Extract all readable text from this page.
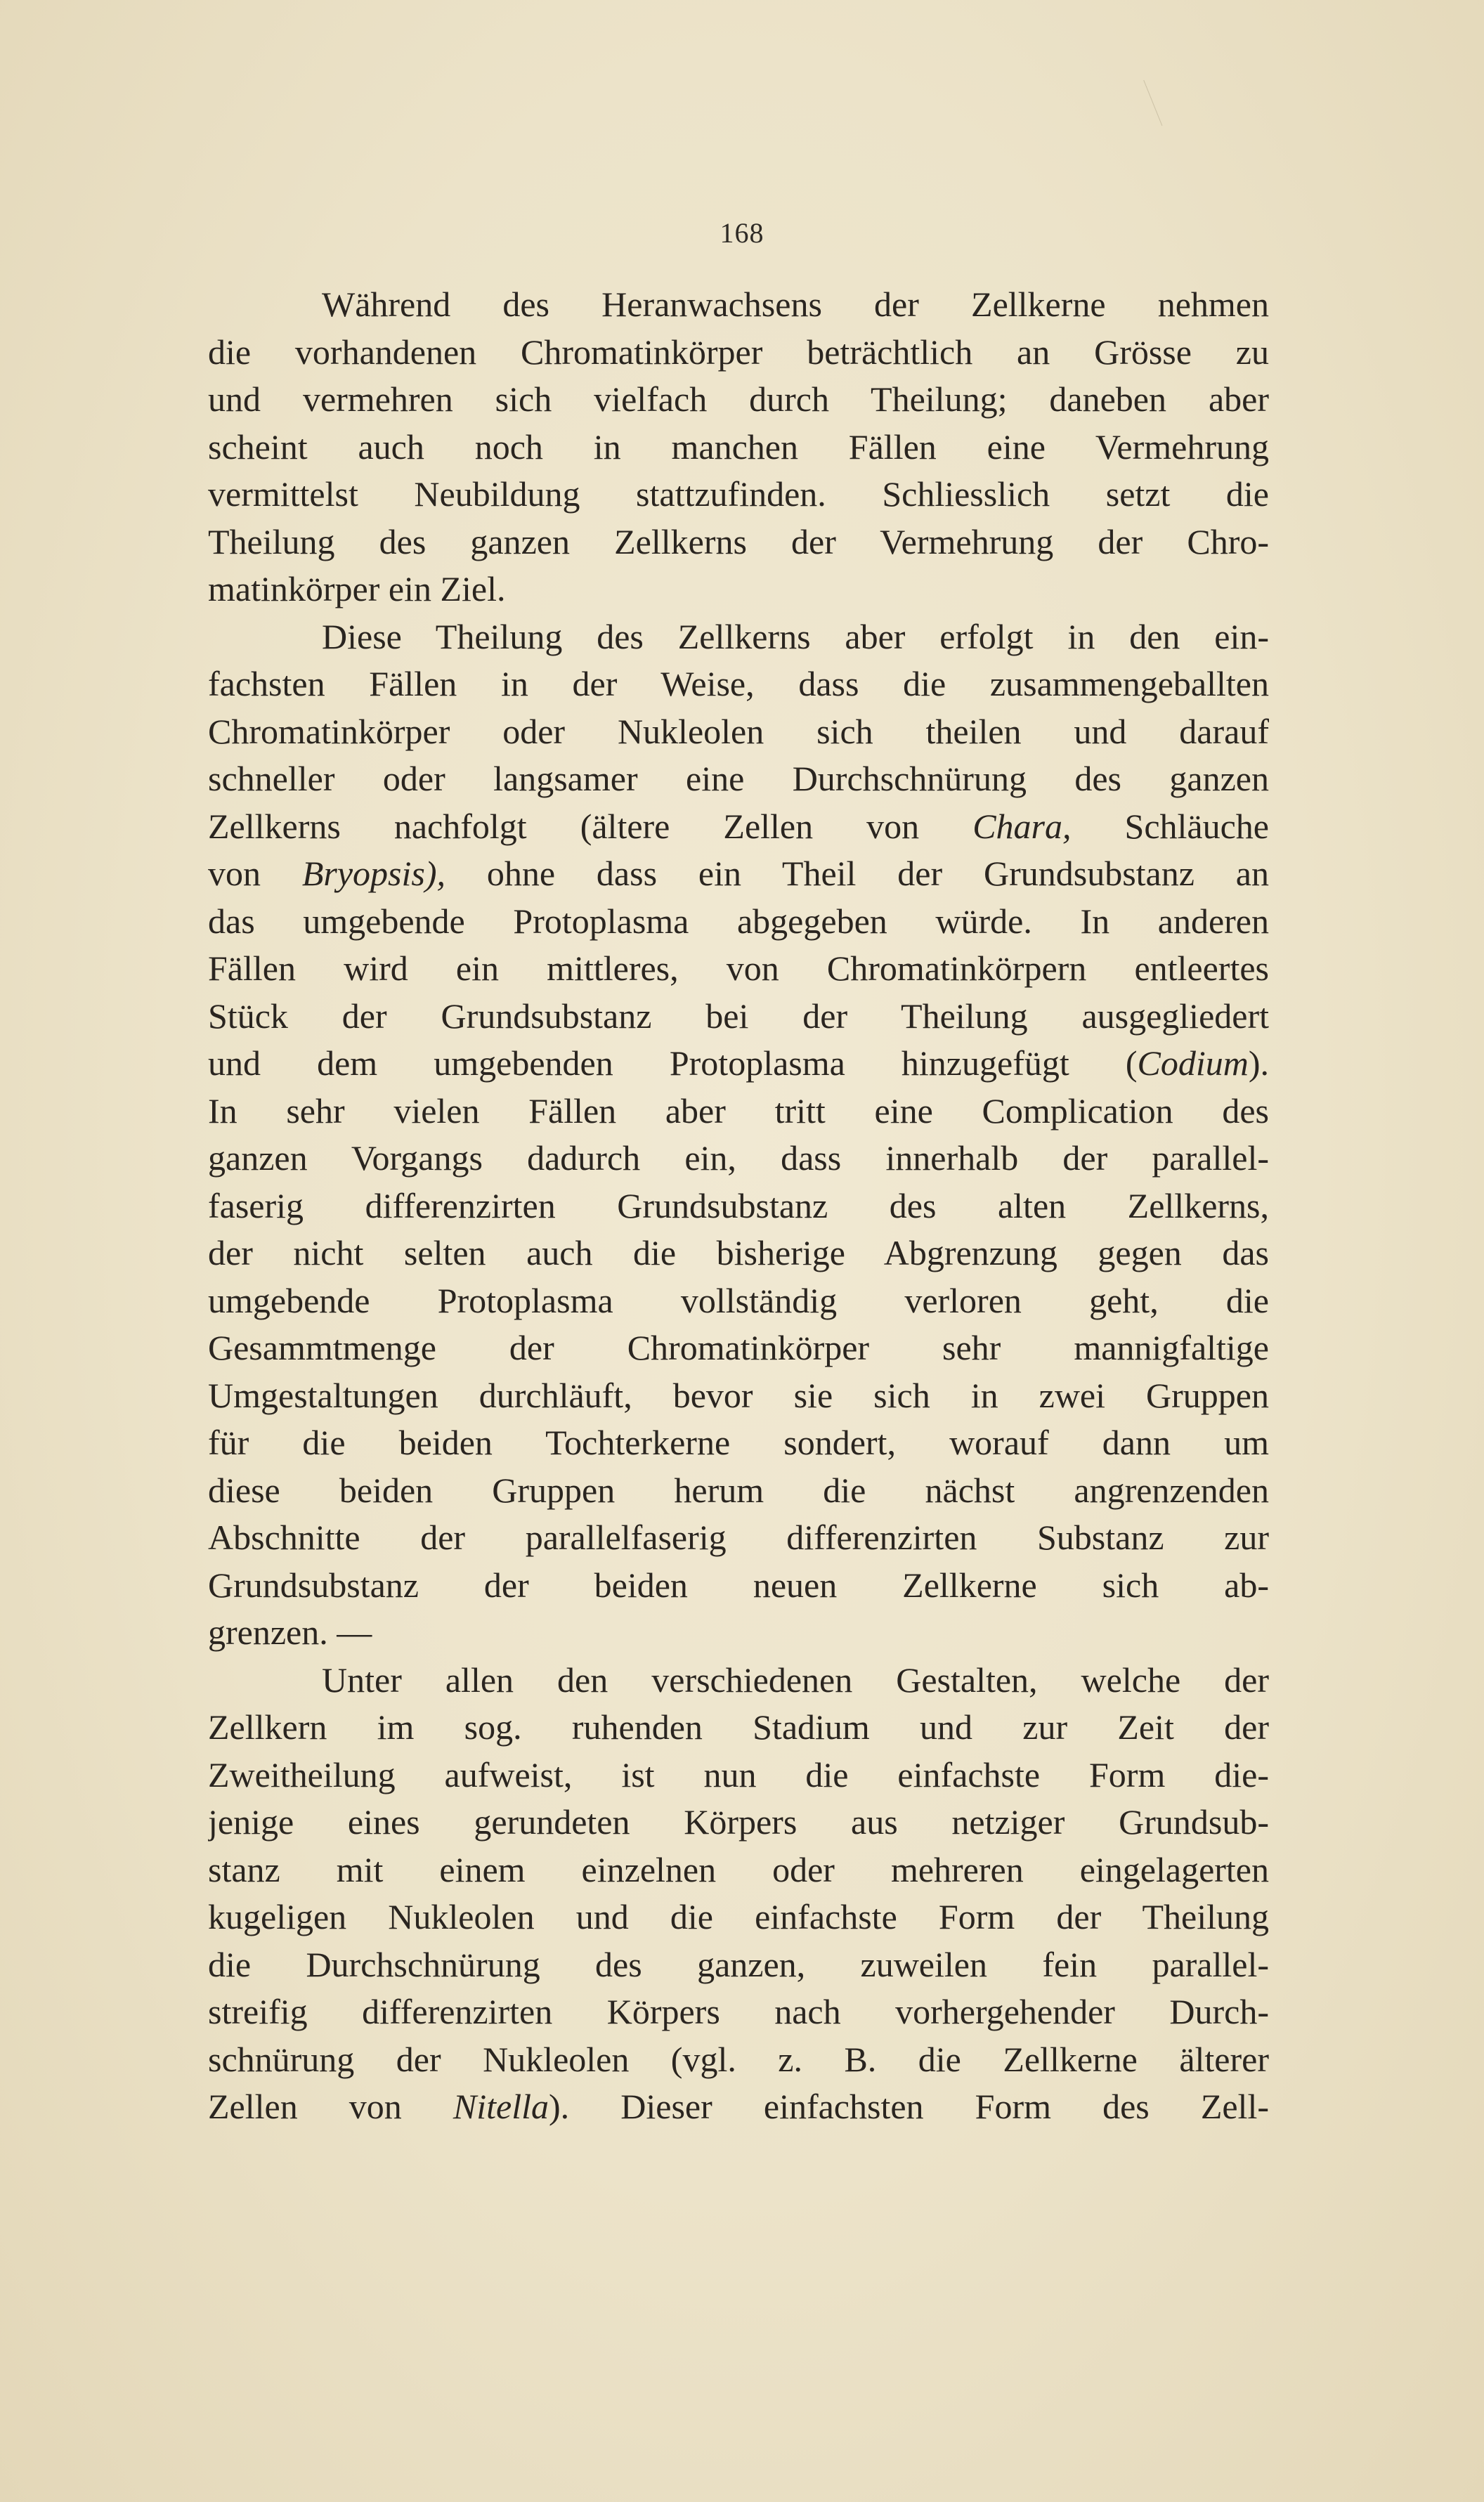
168
Während des Heranwachsens der Zellkerne nehmen
die vorhandenen Chromatinkörper beträchtlich an Grösse zu
und vermehren sich vielfach durch Theilung; daneben aber
scheint auch noch in manchen Fällen eine Vermehrung
vermittelst Neubildung stattzufinden. Schliesslich setzt die
Theilung des ganzen Zellkerns der Vermehrung der Chro-
matinkörper ein Ziel.
Diese Theilung des Zellkerns aber erfolgt in den ein-
fachsten Fällen in der Weise, dass die zusammengeballten
Chromatinkörper oder Nukleolen sich theilen und darauf
schneller oder langsamer eine Durchschnürung des ganzen
Zellkerns nachfolgt (ältere Zellen von Chara, Schläuche
von Bryopsis), ohne dass ein Theil der Grundsubstanz an
das umgebende Protoplasma abgegeben würde. In anderen
Fällen wird ein mittleres, von Chromatinkörpern entleertes
Stück der Grundsubstanz bei der Theilung ausgegliedert
und dem umgebenden Protoplasma hinzugefügt (Codium).
In sehr vielen Fällen aber tritt eine Complication des
ganzen Vorgangs dadurch ein, dass innerhalb der parallel-
faserig differenzirten Grundsubstanz des alten Zellkerns,
der nicht selten auch die bisherige Abgrenzung gegen das
umgebende Protoplasma vollständig verloren geht, die
Gesammtmenge der Chromatinkörper sehr mannigfaltige
Umgestaltungen durchläuft, bevor sie sich in zwei Gruppen
für die beiden Tochterkerne sondert, worauf dann um
diese beiden Gruppen herum die nächst angrenzenden
Abschnitte der parallelfaserig differenzirten Substanz zur
Grundsubstanz der beiden neuen Zellkerne sich ab-
grenzen. —
Unter allen den verschiedenen Gestalten, welche der
Zellkern im sog. ruhenden Stadium und zur Zeit der
Zweitheilung aufweist, ist nun die einfachste Form die-
jenige eines gerundeten Körpers aus netziger Grundsub-
stanz mit einem einzelnen oder mehreren eingelagerten
kugeligen Nukleolen und die einfachste Form der Theilung
die Durchschnürung des ganzen, zuweilen fein parallel-
streifig differenzirten Körpers nach vorhergehender Durch-
schnürung der Nukleolen (vgl. z. B. die Zellkerne älterer
Zellen von Nitella). Dieser einfachsten Form des Zell-
